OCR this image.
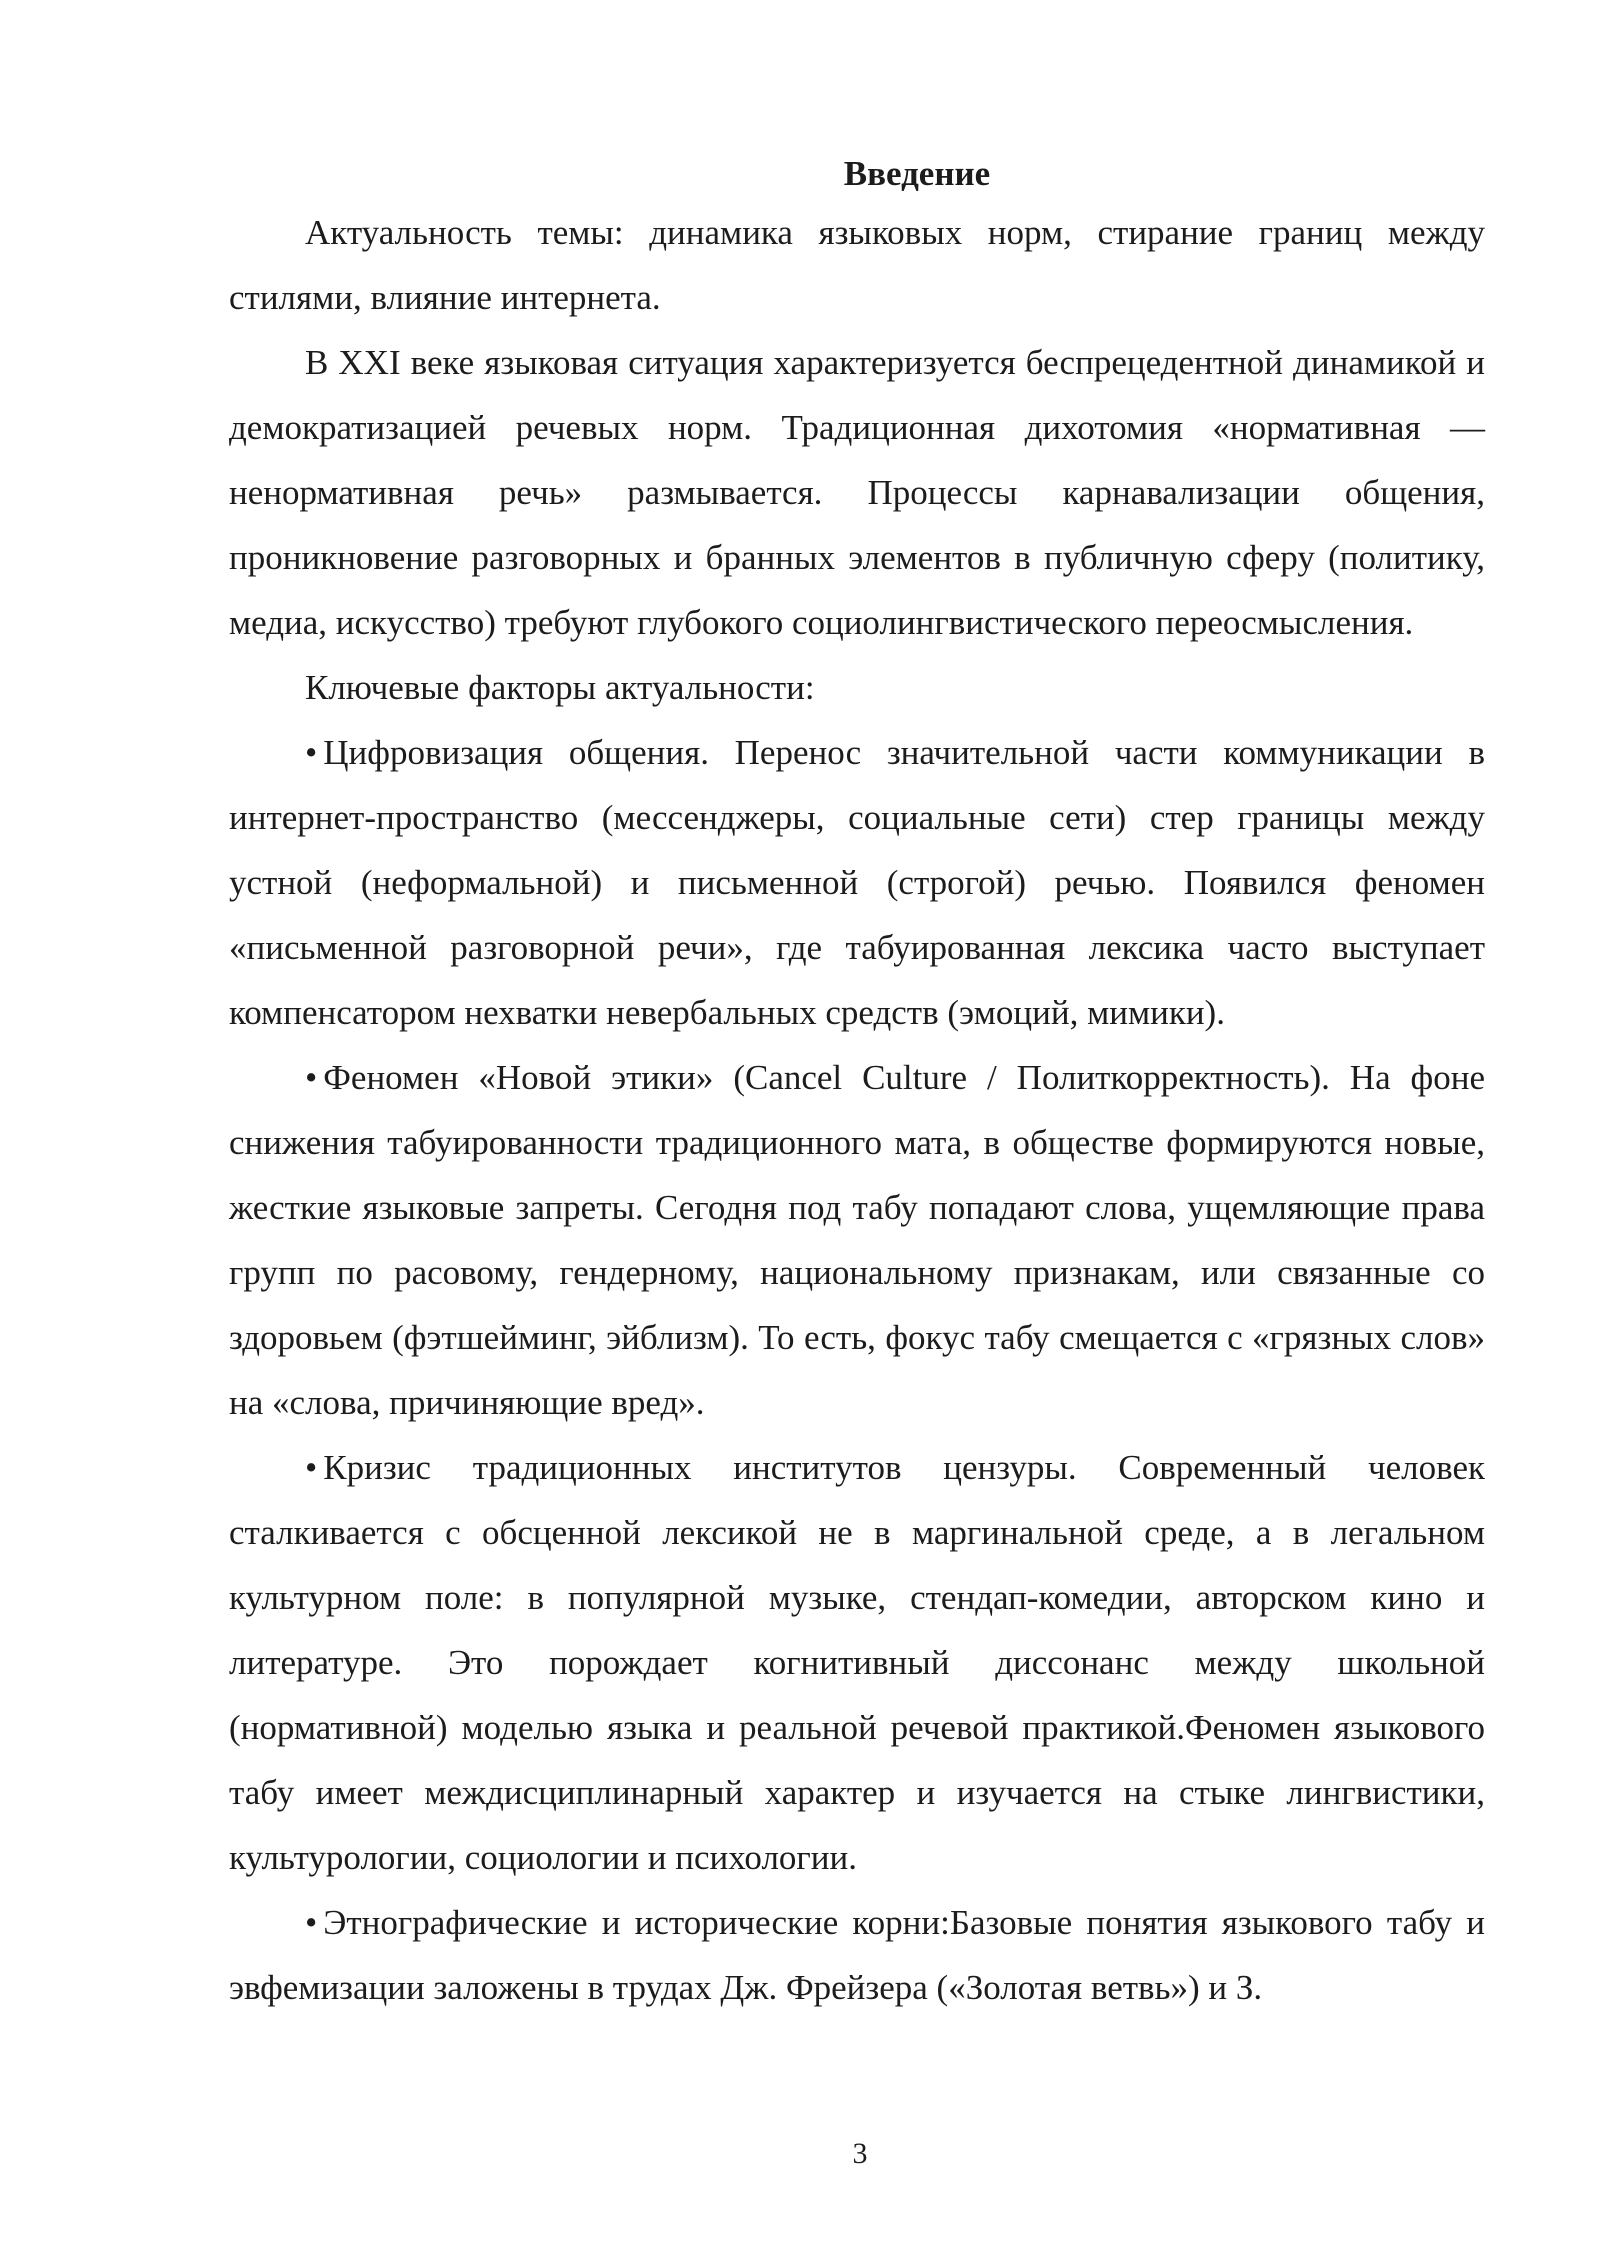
Введение

Актуальность темы: динамика языковых норм, стирание границ между стилями, влияние интернета.

В XXI веке языковая ситуация характеризуется беспрецедентной динамикой и демократизацией речевых норм. Традиционная дихотомия «нормативная — ненормативная речь» размывается. Процессы карнавализации общения, проникновение разговорных и бранных элементов в публичную сферу (политику, медиа, искусство) требуют глубокого социолингвистического переосмысления.

Ключевые факторы актуальности:

• Цифровизация общения. Перенос значительной части коммуникации в интернет-пространство (мессенджеры, социальные сети) стер границы между устной (неформальной) и письменной (строгой) речью. Появился феномен «письменной разговорной речи», где табуированная лексика часто выступает компенсатором нехватки невербальных средств (эмоций, мимики).

• Феномен «Новой этики» (Cancel Culture / Политкорректность). На фоне снижения табуированности традиционного мата, в обществе формируются новые, жесткие языковые запреты. Сегодня под табу попадают слова, ущемляющие права групп по расовому, гендерному, национальному признакам, или связанные со здоровьем (фэтшейминг, эйблизм). То есть, фокус табу смещается с «грязных слов» на «слова, причиняющие вред».

• Кризис традиционных институтов цензуры. Современный человек сталкивается с обсценной лексикой не в маргинальной среде, а в легальном культурном поле: в популярной музыке, стендап-комедии, авторском кино и литературе. Это порождает когнитивный диссонанс между школьной (нормативной) моделью языка и реальной речевой практикой.Феномен языкового табу имеет междисциплинарный характер и изучается на стыке лингвистики, культурологии, социологии и психологии.

• Этнографические и исторические корни:Базовые понятия языкового табу и эвфемизации заложены в трудах Дж. Фрейзера («Золотая ветвь») и З.

3
